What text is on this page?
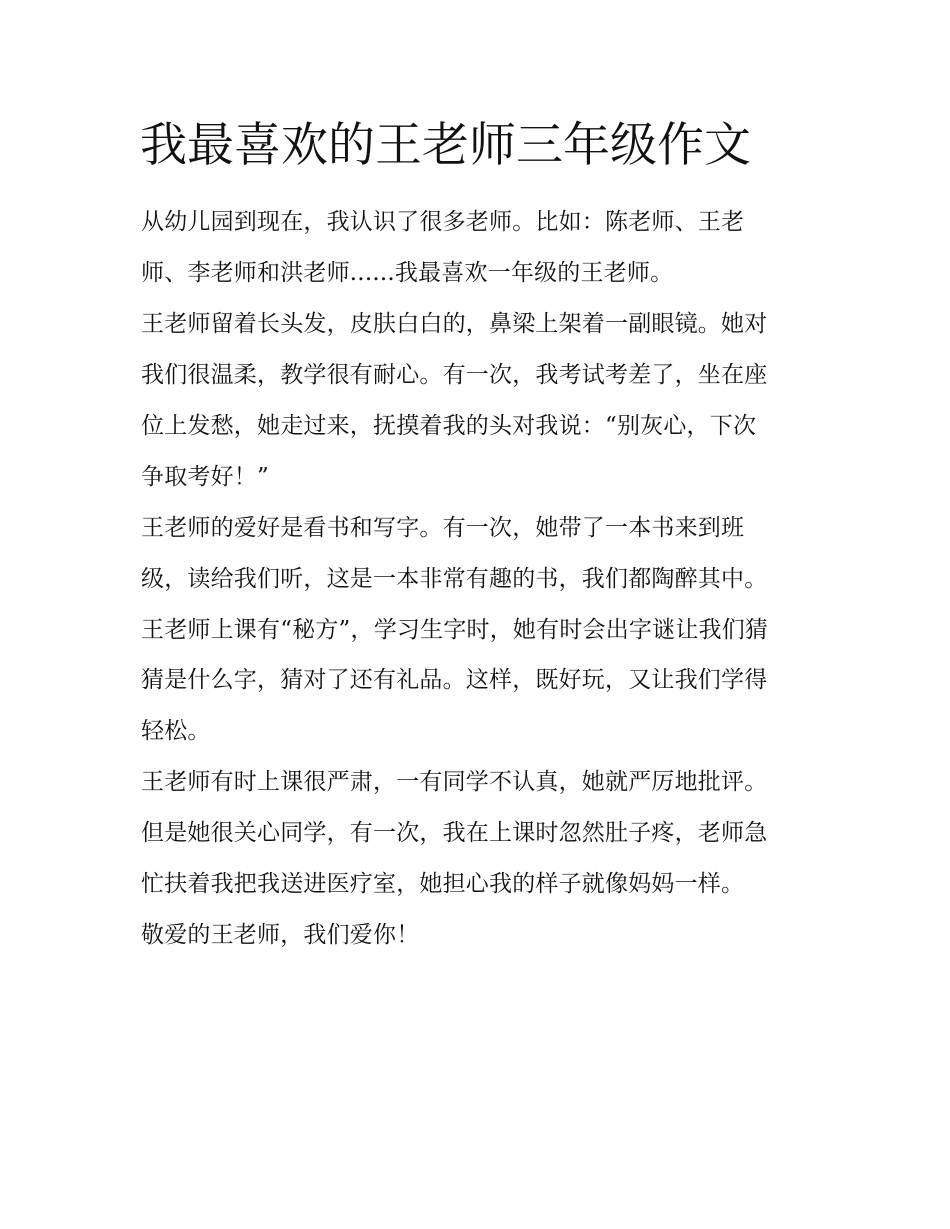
我最喜欢的王老师三年级作文

从幼儿园到现在，我认识了很多老师。比如：陈老师、王老

师、李老师和洪老师......我最喜欢一年级的王老师。

王老师留着长头发，皮肤白白的，鼻梁上架着一副眼镜。她对

我们很温柔，教学很有耐心。有一次，我考试考差了，坐在座

位上发愁，她走过来，抚摸着我的头对我说：“别灰心，下次

争取考好！”

王老师的爱好是看书和写字。有一次，她带了一本书来到班

级，读给我们听，这是一本非常有趣的书，我们都陶醉其中。

王老师上课有“秘方”，学习生字时，她有时会出字谜让我们猜

猜是什么字，猜对了还有礼品。这样，既好玩，又让我们学得

轻松。

王老师有时上课很严肃，一有同学不认真，她就严厉地批评。

但是她很关心同学，有一次，我在上课时忽然肚子疼，老师急

忙扶着我把我送进医疗室，她担心我的样子就像妈妈一样。

敬爱的王老师，我们爱你！
